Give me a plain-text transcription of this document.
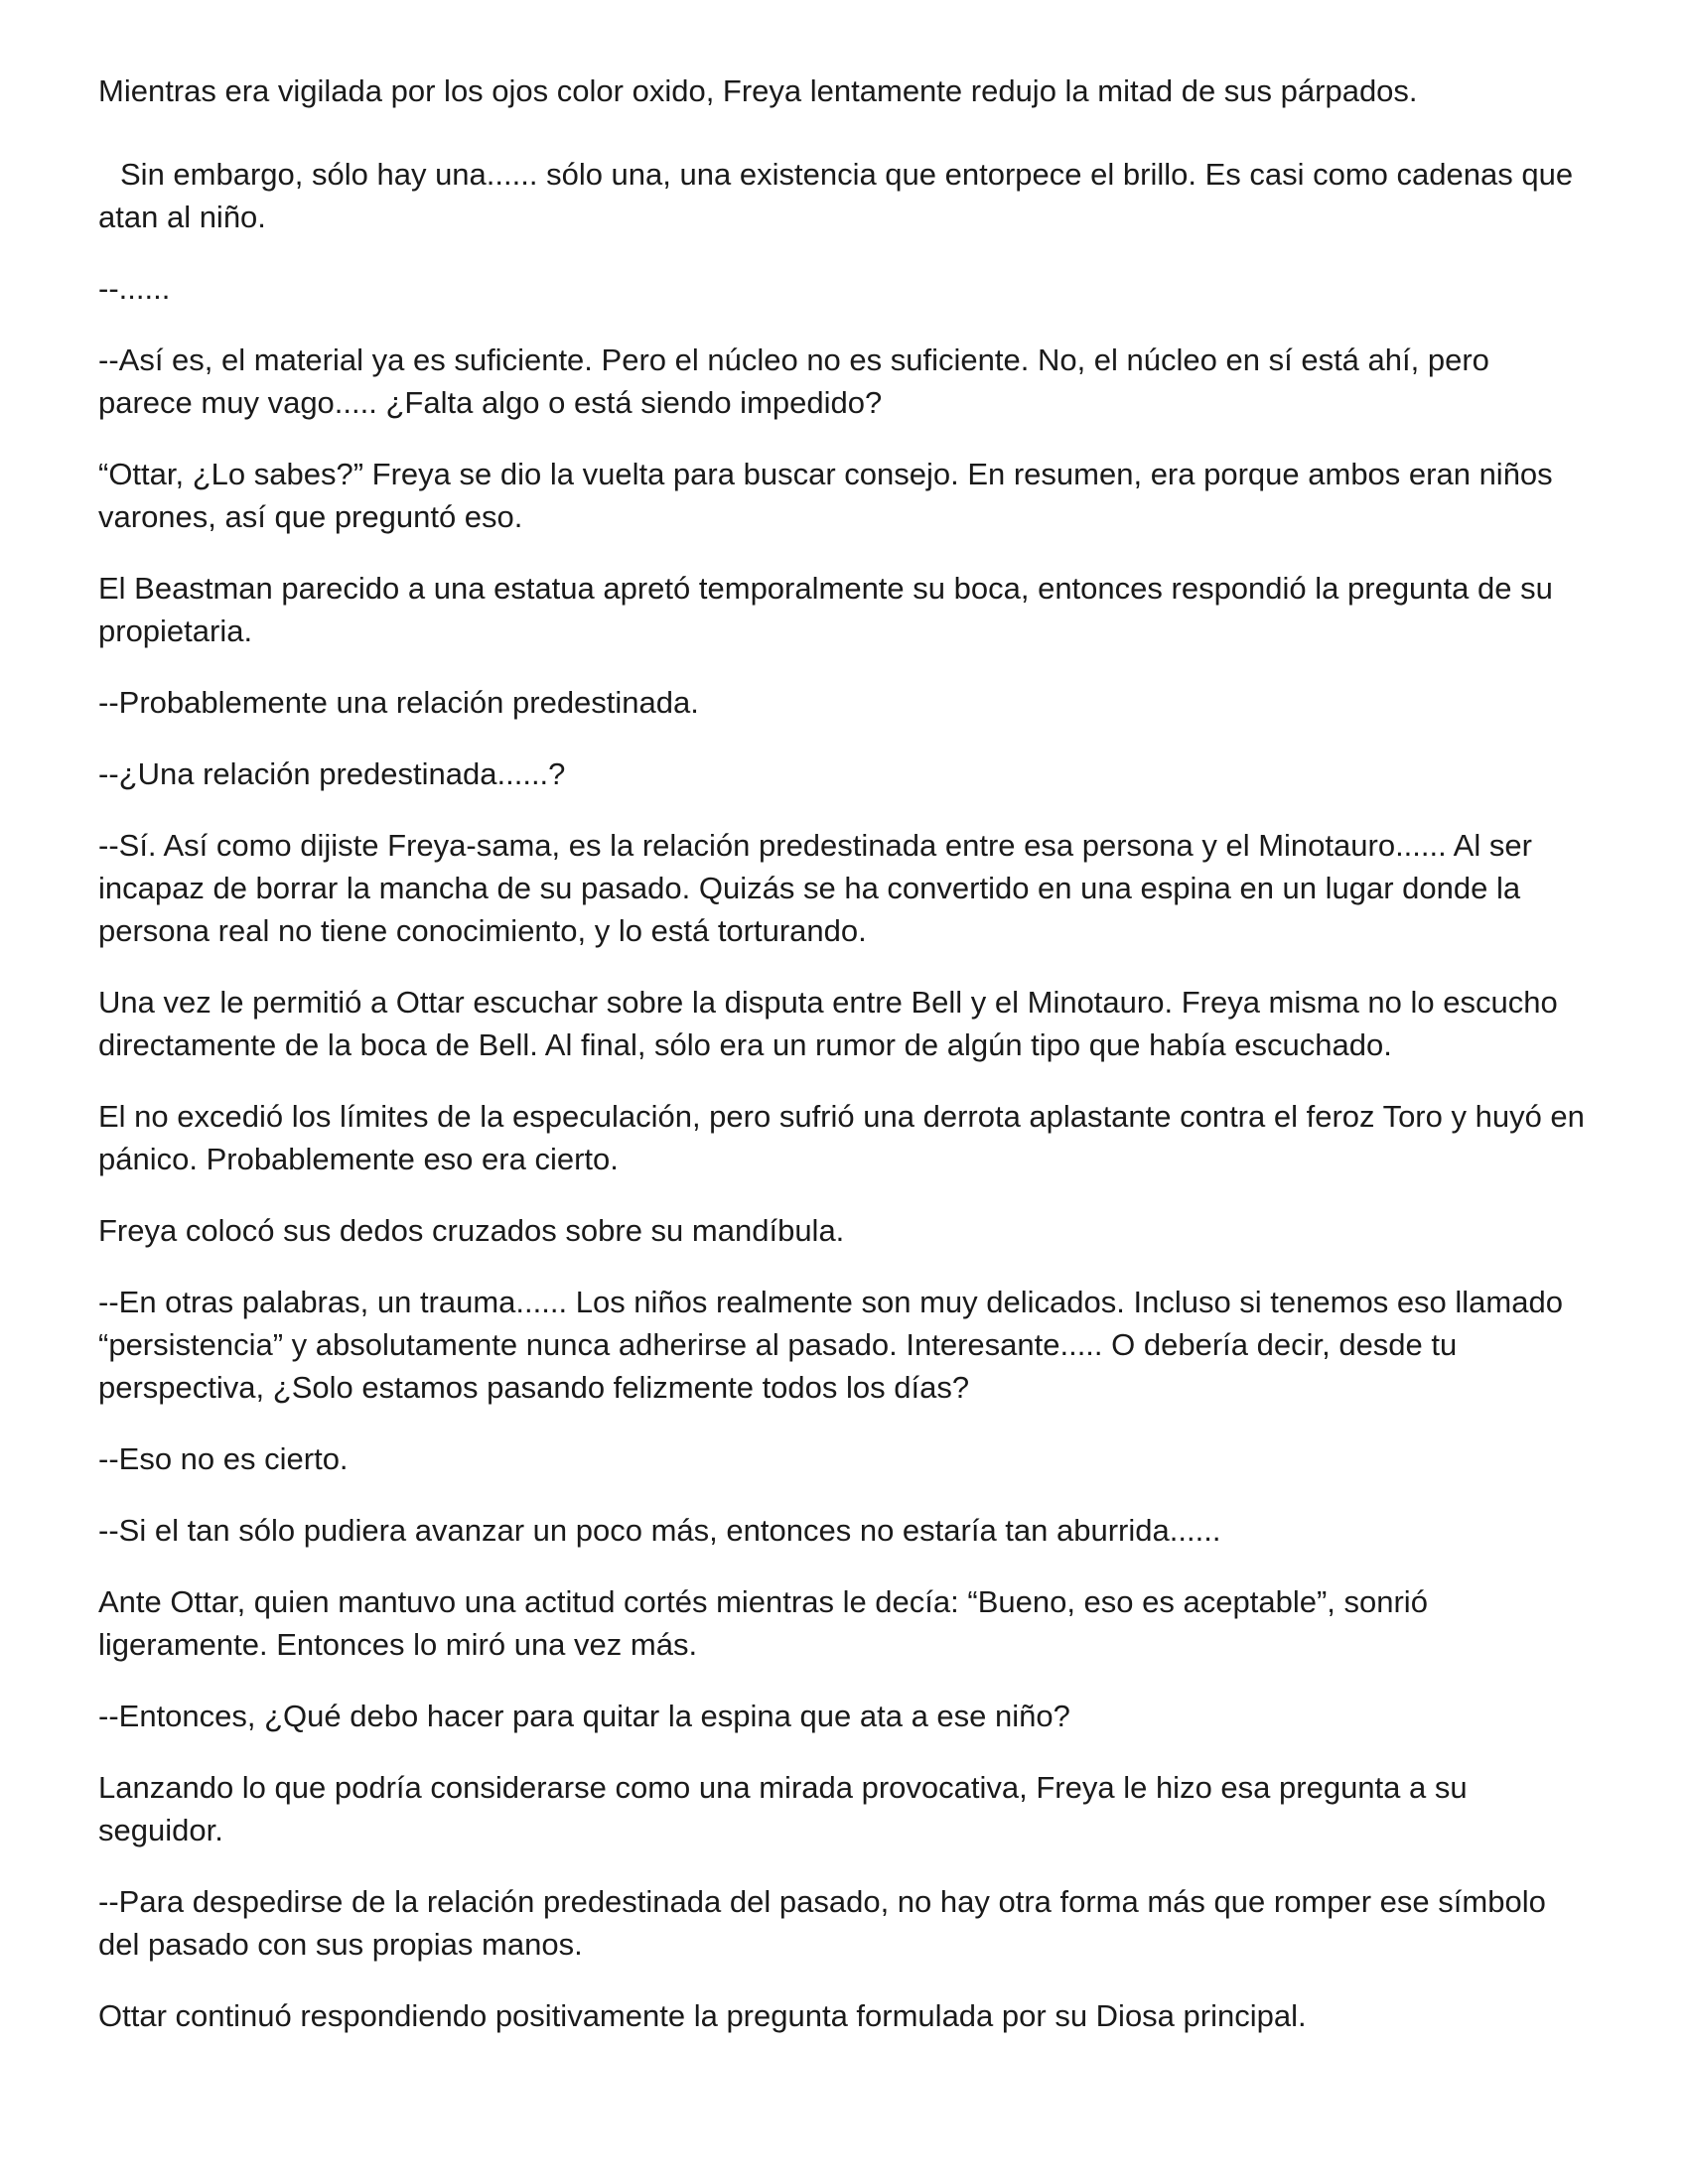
Mientras era vigilada por los ojos color oxido, Freya lentamente redujo la mitad de sus párpados.

Sin embargo, sólo hay una...... sólo una, una existencia que entorpece el brillo. Es casi como cadenas que atan al niño.

--......

--Así es, el material ya es suficiente. Pero el núcleo no es suficiente. No, el núcleo en sí está ahí, pero parece muy vago..... ¿Falta algo o está siendo impedido?

“Ottar, ¿Lo sabes?” Freya se dio la vuelta para buscar consejo. En resumen, era porque ambos eran niños varones, así que preguntó eso.

El Beastman parecido a una estatua apretó temporalmente su boca, entonces respondió la pregunta de su propietaria.

--Probablemente una relación predestinada.

--¿Una relación predestinada......?

--Sí. Así como dijiste Freya-sama, es la relación predestinada entre esa persona y el Minotauro...... Al ser incapaz de borrar la mancha de su pasado. Quizás se ha convertido en una espina en un lugar donde la persona real no tiene conocimiento, y lo está torturando.

Una vez le permitió a Ottar escuchar sobre la disputa entre Bell y el Minotauro. Freya misma no lo escucho directamente de la boca de Bell. Al final, sólo era un rumor de algún tipo que había escuchado.

El no excedió los límites de la especulación, pero sufrió una derrota aplastante contra el feroz Toro y huyó en pánico. Probablemente eso era cierto.

Freya colocó sus dedos cruzados sobre su mandíbula.

--En otras palabras, un trauma...... Los niños realmente son muy delicados. Incluso si tenemos eso llamado “persistencia” y absolutamente nunca adherirse al pasado. Interesante..... O debería decir, desde tu perspectiva, ¿Solo estamos pasando felizmente todos los días?

--Eso no es cierto.

--Si el tan sólo pudiera avanzar un poco más, entonces no estaría tan aburrida......

Ante Ottar, quien mantuvo una actitud cortés mientras le decía: “Bueno, eso es aceptable”, sonrió ligeramente. Entonces lo miró una vez más.

--Entonces, ¿Qué debo hacer para quitar la espina que ata a ese niño?

Lanzando lo que podría considerarse como una mirada provocativa, Freya le hizo esa pregunta a su seguidor.

--Para despedirse de la relación predestinada del pasado, no hay otra forma más que romper ese símbolo del pasado con sus propias manos.

Ottar continuó respondiendo positivamente la pregunta formulada por su Diosa principal.
